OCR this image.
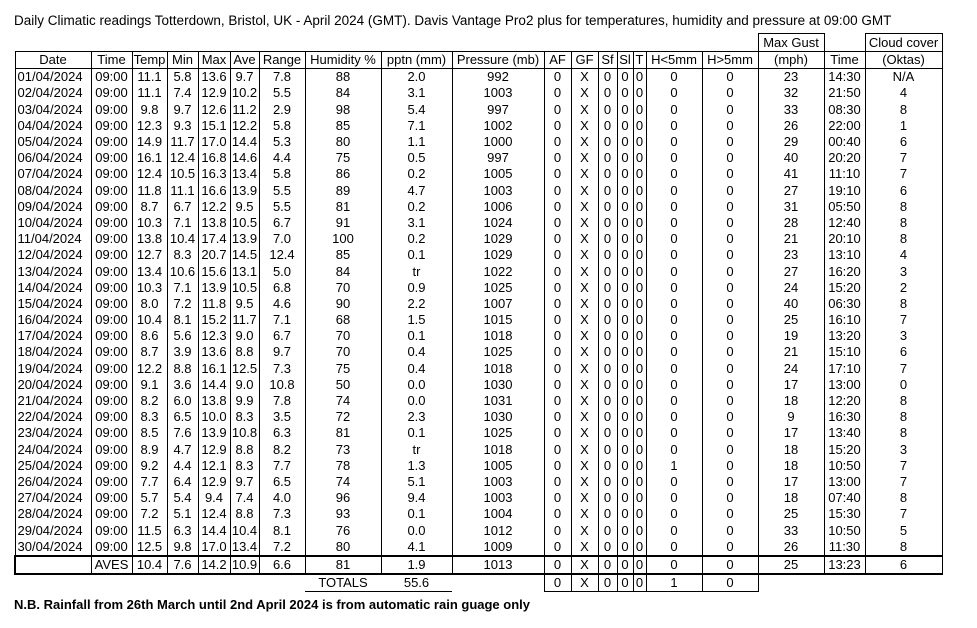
Daily Climatic readings Totterdown, Bristol, UK - April 2024 (GMT). Davis Vantage Pro2 plus for temperatures, humidity and pressure at 09:00 GMT
																	Max Gust		Cloud cover
Date	Time	Temp	Min	Max	Ave	Range	Humidity %	pptn (mm)	Pressure (mb)	AF	GF	Sf	Sl	T	H<5mm	H>5mm	(mph)	Time	(Oktas)
01/04/2024	09:00	11.1	5.8	13.6	9.7	7.8	88	2.0	992	0	X	0	0	0	0	0	23	14:30	N/A
02/04/2024	09:00	11.1	7.4	12.9	10.2	5.5	84	3.1	1003	0	X	0	0	0	0	0	32	21:50	4
03/04/2024	09:00	9.8	9.7	12.6	11.2	2.9	98	5.4	997	0	X	0	0	0	0	0	33	08:30	8
04/04/2024	09:00	12.3	9.3	15.1	12.2	5.8	85	7.1	1002	0	X	0	0	0	0	0	26	22:00	1
05/04/2024	09:00	14.9	11.7	17.0	14.4	5.3	80	1.1	1000	0	X	0	0	0	0	0	29	00:40	6
06/04/2024	09:00	16.1	12.4	16.8	14.6	4.4	75	0.5	997	0	X	0	0	0	0	0	40	20:20	7
07/04/2024	09:00	12.4	10.5	16.3	13.4	5.8	86	0.2	1005	0	X	0	0	0	0	0	41	11:10	7
08/04/2024	09:00	11.8	11.1	16.6	13.9	5.5	89	4.7	1003	0	X	0	0	0	0	0	27	19:10	6
09/04/2024	09:00	8.7	6.7	12.2	9.5	5.5	81	0.2	1006	0	X	0	0	0	0	0	31	05:50	8
10/04/2024	09:00	10.3	7.1	13.8	10.5	6.7	91	3.1	1024	0	X	0	0	0	0	0	28	12:40	8
11/04/2024	09:00	13.8	10.4	17.4	13.9	7.0	100	0.2	1029	0	X	0	0	0	0	0	21	20:10	8
12/04/2024	09:00	12.7	8.3	20.7	14.5	12.4	85	0.1	1029	0	X	0	0	0	0	0	23	13:10	4
13/04/2024	09:00	13.4	10.6	15.6	13.1	5.0	84	tr	1022	0	X	0	0	0	0	0	27	16:20	3
14/04/2024	09:00	10.3	7.1	13.9	10.5	6.8	70	0.9	1025	0	X	0	0	0	0	0	24	15:20	2
15/04/2024	09:00	8.0	7.2	11.8	9.5	4.6	90	2.2	1007	0	X	0	0	0	0	0	40	06:30	8
16/04/2024	09:00	10.4	8.1	15.2	11.7	7.1	68	1.5	1015	0	X	0	0	0	0	0	25	16:10	7
17/04/2024	09:00	8.6	5.6	12.3	9.0	6.7	70	0.1	1018	0	X	0	0	0	0	0	19	13:20	3
18/04/2024	09:00	8.7	3.9	13.6	8.8	9.7	70	0.4	1025	0	X	0	0	0	0	0	21	15:10	6
19/04/2024	09:00	12.2	8.8	16.1	12.5	7.3	75	0.4	1018	0	X	0	0	0	0	0	24	17:10	7
20/04/2024	09:00	9.1	3.6	14.4	9.0	10.8	50	0.0	1030	0	X	0	0	0	0	0	17	13:00	0
21/04/2024	09:00	8.2	6.0	13.8	9.9	7.8	74	0.0	1031	0	X	0	0	0	0	0	18	12:20	8
22/04/2024	09:00	8.3	6.5	10.0	8.3	3.5	72	2.3	1030	0	X	0	0	0	0	0	9	16:30	8
23/04/2024	09:00	8.5	7.6	13.9	10.8	6.3	81	0.1	1025	0	X	0	0	0	0	0	17	13:40	8
24/04/2024	09:00	8.9	4.7	12.9	8.8	8.2	73	tr	1018	0	X	0	0	0	0	0	18	15:20	3
25/04/2024	09:00	9.2	4.4	12.1	8.3	7.7	78	1.3	1005	0	X	0	0	0	1	0	18	10:50	7
26/04/2024	09:00	7.7	6.4	12.9	9.7	6.5	74	5.1	1003	0	X	0	0	0	0	0	17	13:00	7
27/04/2024	09:00	5.7	5.4	9.4	7.4	4.0	96	9.4	1003	0	X	0	0	0	0	0	18	07:40	8
28/04/2024	09:00	7.2	5.1	12.4	8.8	7.3	93	0.1	1004	0	X	0	0	0	0	0	25	15:30	7
29/04/2024	09:00	11.5	6.3	14.4	10.4	8.1	76	0.0	1012	0	X	0	0	0	0	0	33	10:50	5
30/04/2024	09:00	12.5	9.8	17.0	13.4	7.2	80	4.1	1009	0	X	0	0	0	0	0	26	11:30	8
	AVES	10.4	7.6	14.2	10.9	6.6	81	1.9	1013	0	X	0	0	0	0	0	25	13:23	6
							TOTALS	55.6		0	X	0	0	0	1	0			
N.B. Rainfall from 26th March until 2nd April 2024 is from automatic rain guage only
